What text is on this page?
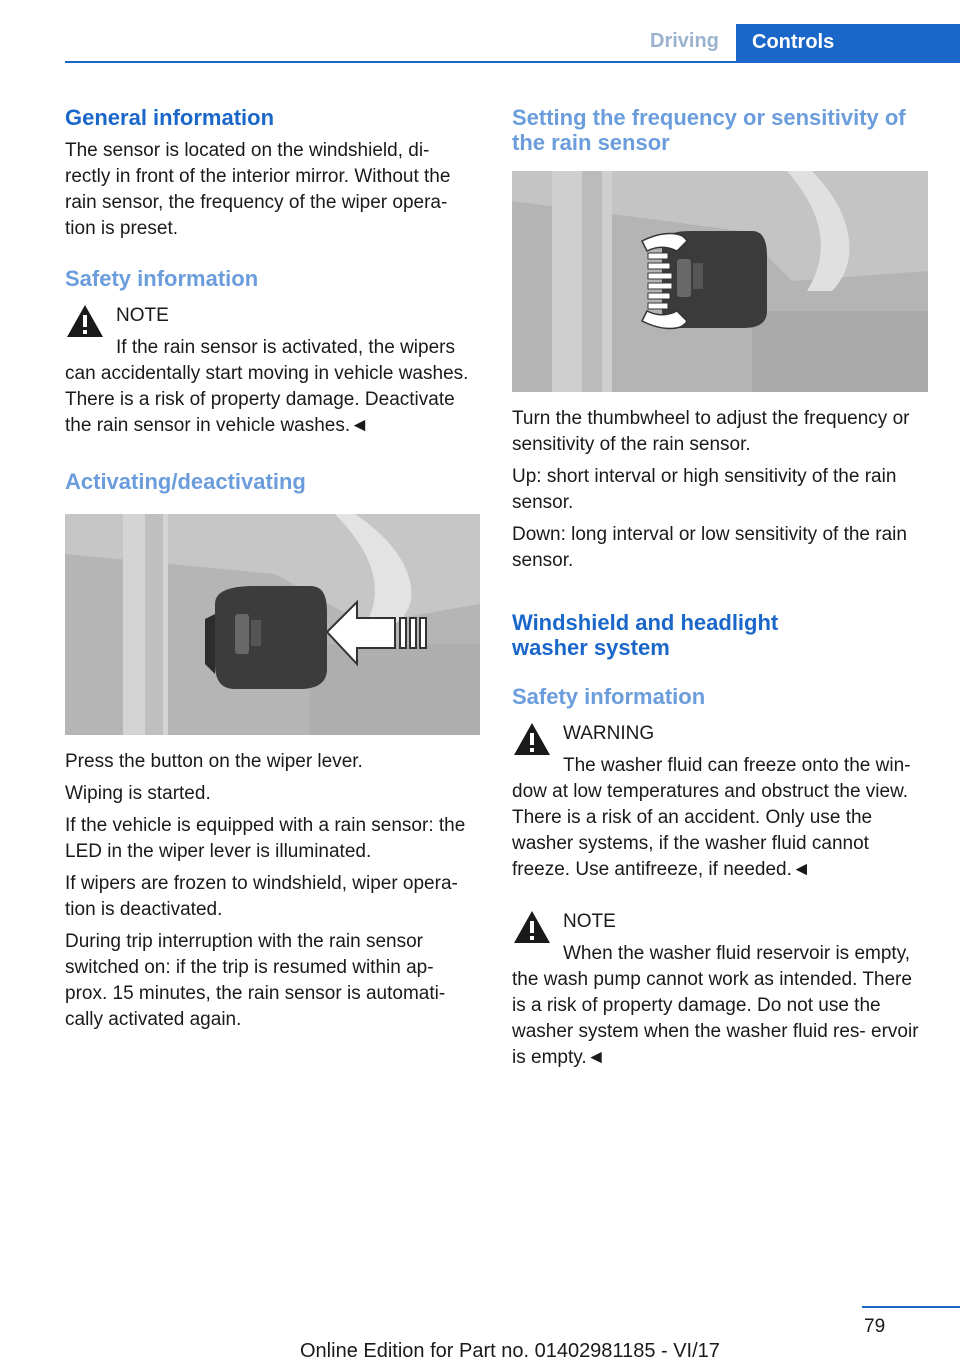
Driving	Controls
General information

The sensor is located on the windshield, di‐ rectly in front of the interior mirror. Without the rain sensor, the frequency of the wiper opera‐ tion is preset.

Safety information
NOTE

If the rain sensor is activated, the wipers

can accidentally start moving in vehicle washes. There is a risk of property damage. Deactivate the rain sensor in vehicle washes.◄

Activating/deactivating

Press the button on the wiper lever.

Wiping is started.

If the vehicle is equipped with a rain sensor: the LED in the wiper lever is illuminated.

If wipers are frozen to windshield, wiper opera‐ tion is deactivated.

During trip interruption with the rain sensor switched on: if the trip is resumed within ap‐ prox. 15 minutes, the rain sensor is automati‐ cally activated again.

Setting the frequency or sensitivity of the rain sensor

Turn the thumbwheel to adjust the frequency or sensitivity of the rain sensor.

Up: short interval or high sensitivity of the rain sensor.

Down: long interval or low sensitivity of the rain sensor.

Windshield and headlight washer system
Safety information
WARNING

The washer fluid can freeze onto the win‐

dow at low temperatures and obstruct the view. There is a risk of an accident. Only use the washer systems, if the washer fluid cannot freeze. Use antifreeze, if needed.◄

NOTE

When the washer fluid reservoir is empty,

the wash pump cannot work as intended. There is a risk of property damage. Do not use the washer system when the washer fluid res‐ ervoir is empty.◄

79
Online Edition for Part no. 01402981185 - VI/17
